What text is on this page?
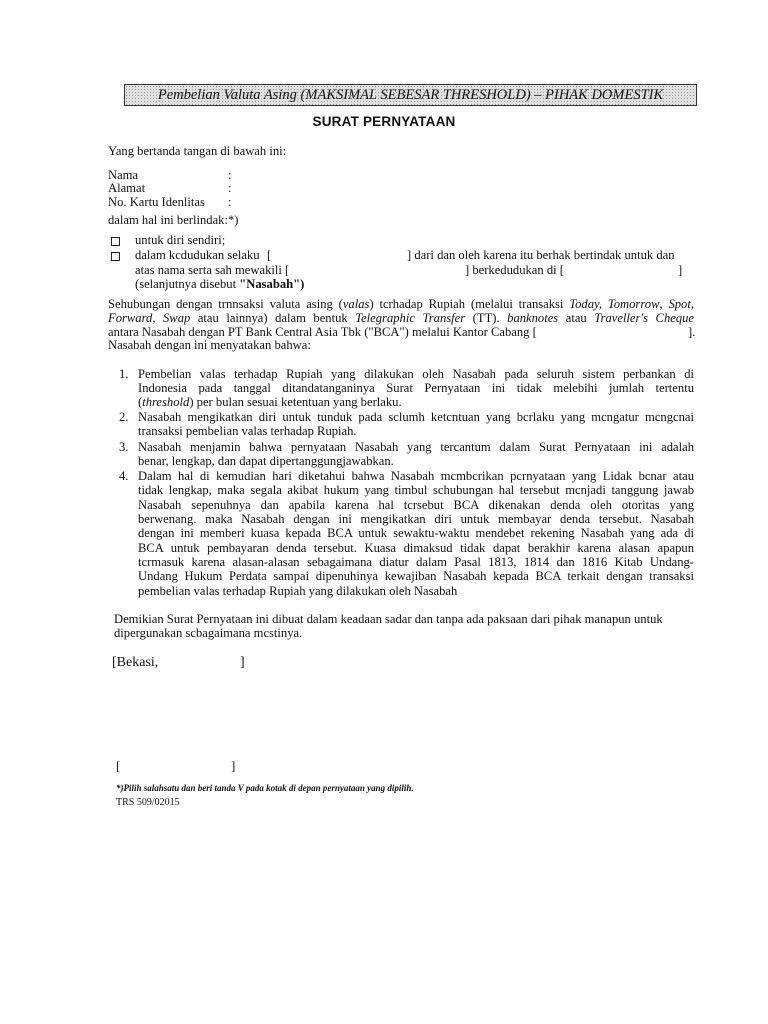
Pembelian Valuta Asing (MAKSIMAL SEBESAR THRESHOLD) – PIHAK DOMESTIK
SURAT PERNYATAAN
Yang bertanda tangan di bawah ini:
Nama	:
Alamat	:
No. Kartu Idenlitas :
dalam hal ini berlindak:*)
untuk diri sendiri;
dalam kcdudukan selaku [	] dari dan oleh karena itu berhak bertindak untuk dan
atas nama serta sah mewakili [	] berkedudukan di [	]
(selanjutnya disebut "Nasabah")
Sehubungan dengan trnnsaksi valuta asing (valas) tcrhadap Rupiah (melalui transaksi Today, Tomorrow, Spot,
Forward, Swap atau lainnya) dalam bentuk Telegraphic Transfer (TT). banknotes atau Traveller's Cheque
antara Nasabah dengan PT Bank Central Asia Tbk ("BCA") melalui Kantor Cabang [	].
Nasabah dengan ini menyatakan bahwa:
1. Pembelian valas terhadap Rupiah yang dilakukan oleh Nasabah pada seluruh sistem perbankan di
Indonesia pada tanggal ditandatanganinya Surat Pernyataan ini tidak melebihi jumlah tertentu
(threshold) per bulan sesuai ketentuan yang berlaku.
2. Nasabah mengikatkan diri untuk tunduk pada sclumh ketcntuan yang bcrlaku yang mcngatur mcngcnai
transaksi pembelian valas terhadap Rupiah.
3. Nasabah menjamin bahwa pernyataan Nasabah yang tercantum dalam Surat Pernyataan ini adalah
benar, lengkap, dan dapat dipertanggungjawabkan.
4. Dalam hal di kemudian hari diketahui bahwa Nasabah mcmbcrikan pcrnyataan yang Lidak bcnar atau
tidak lengkap, maka segala akibat hukum yang timbul schubungan hal tersebut mcnjadi tanggung jawab
Nasabah sepenuhnya dan apabila karena hal tcrsebut BCA dikenakan denda oleh otoritas yang
berwenang. maka Nasabah dengan ini mengikatkan diri untuk membayar denda tersebut. Nasabah
dengan ini memberi kuasa kepada BCA untuk sewaktu-waktu mendebet rekening Nasabah yang ada di
BCA untuk pembayaran denda tersebut. Kuasa dimaksud tidak dapat berakhir karena alasan apapun
tcrmasuk karena alasan-alasan sebagaimana diatur dalam Pasal 1813, 1814 dan 1816 Kitab Undang-
Undang Hukum Perdata sampai dipenuhinya kewajiban Nasabah kepada BCA terkait dengan transaksi
pembelian valas terhadap Rupiah yang dilakukan oleh Nasabah
Demikian Surat Pernyataan ini dibuat dalam keadaan sadar dan tanpa ada paksaan dari pihak manapun untuk
dipergunakan scbagaimana mcstinya.
[Bekasi,	]
[	]
*)Pilih salahsatu dan beri tanda V pada kotak di depan pernyataan yang dipilih.
TRS 509/02015
